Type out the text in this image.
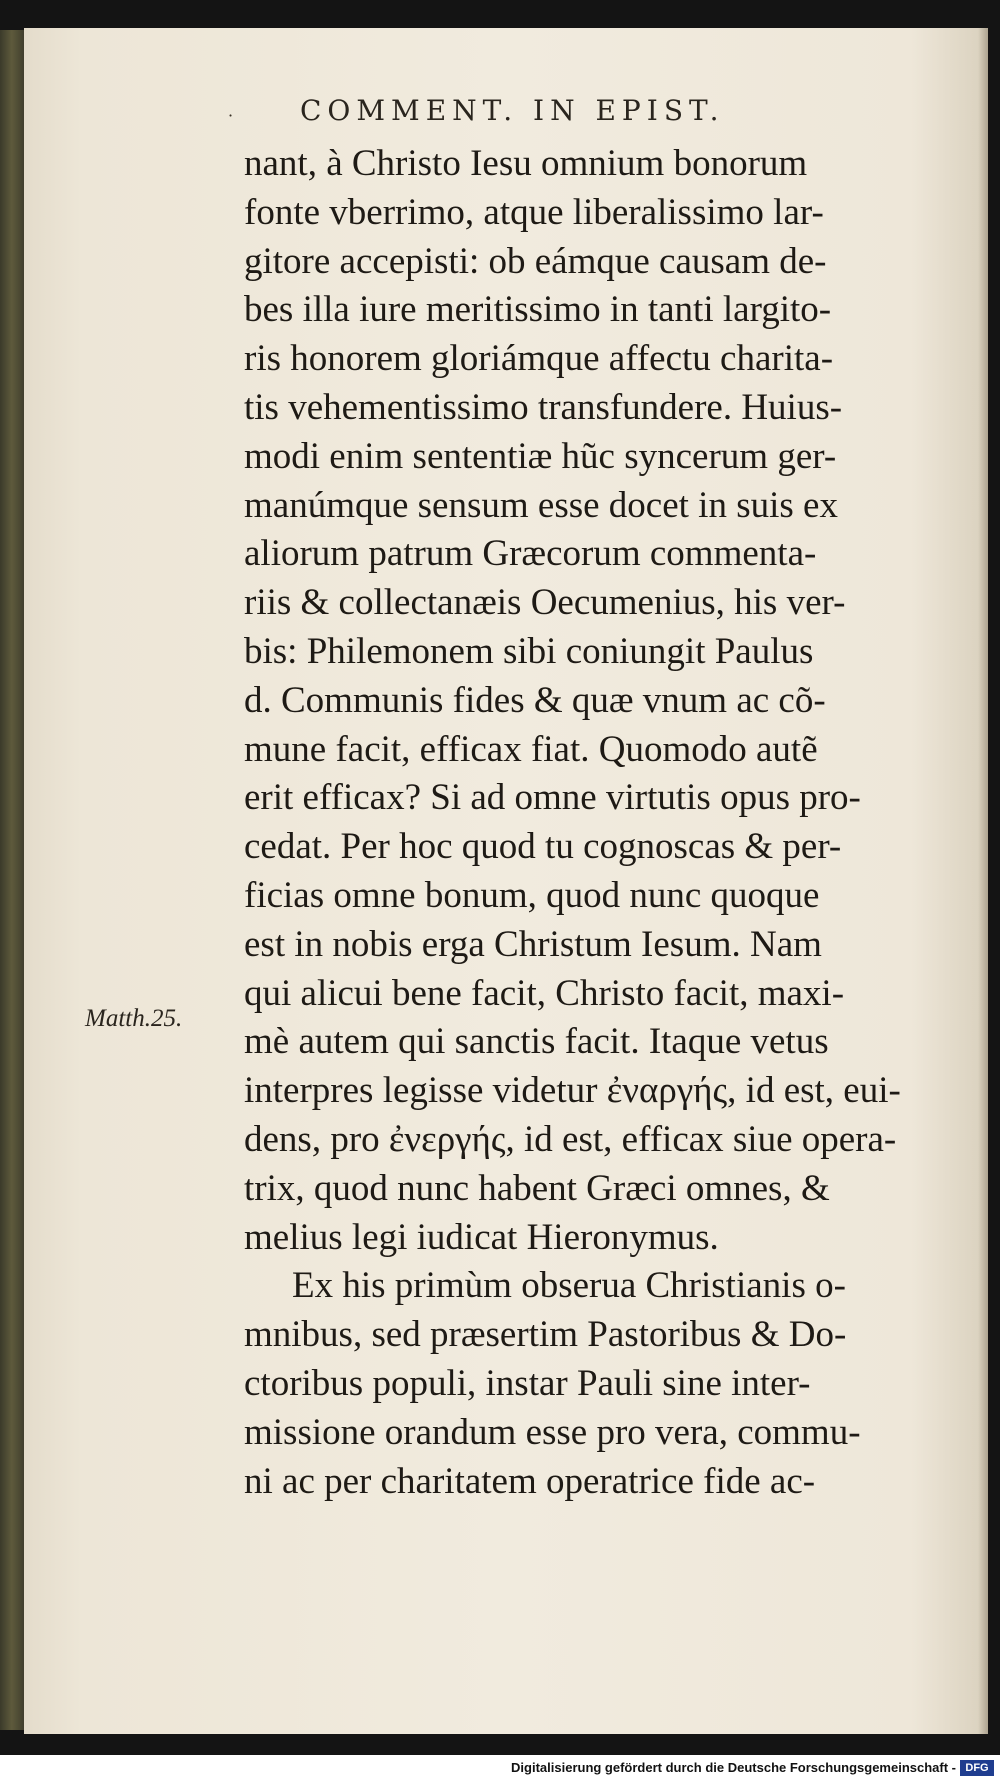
· COMMENT. IN EPIST.
Matth.25.
nant, à Christo Iesu omnium bonorum
fonte vberrimo, atque liberalissimo lar-
gitore accepisti: ob eámque causam de-
bes illa iure meritissimo in tanti largito-
ris honorem gloriámque affectu charita-
tis vehementissimo transfundere. Huius-
modi enim sententiæ hũc syncerum ger-
manúmque sensum esse docet in suis ex
aliorum patrum Græcorum commenta-
riis & collectanæis Oecumenius, his ver-
bis: Philemonem sibi coniungit Paulus
d. Communis fides & quæ vnum ac cõ-
mune facit, efficax fiat. Quomodo autẽ
erit efficax? Si ad omne virtutis opus pro-
cedat. Per hoc quod tu cognoscas & per-
ficias omne bonum, quod nunc quoque
est in nobis erga Christum Iesum. Nam
qui alicui bene facit, Christo facit, maxi-
mè autem qui sanctis facit. Itaque vetus
interpres legisse videtur ἐναργής, id est, eui-
dens, pro ἐνεργής, id est, efficax siue opera-
trix, quod nunc habent Græci omnes, &
melius legi iudicat Hieronymus.
Ex his primùm obserua Christianis o-
mnibus, sed præsertim Pastoribus & Do-
ctoribus populi, instar Pauli sine inter-
missione orandum esse pro vera, commu-
ni ac per charitatem operatrice fide ac-
Digitalisierung gefördert durch die Deutsche Forschungsgemeinschaft - DFG
